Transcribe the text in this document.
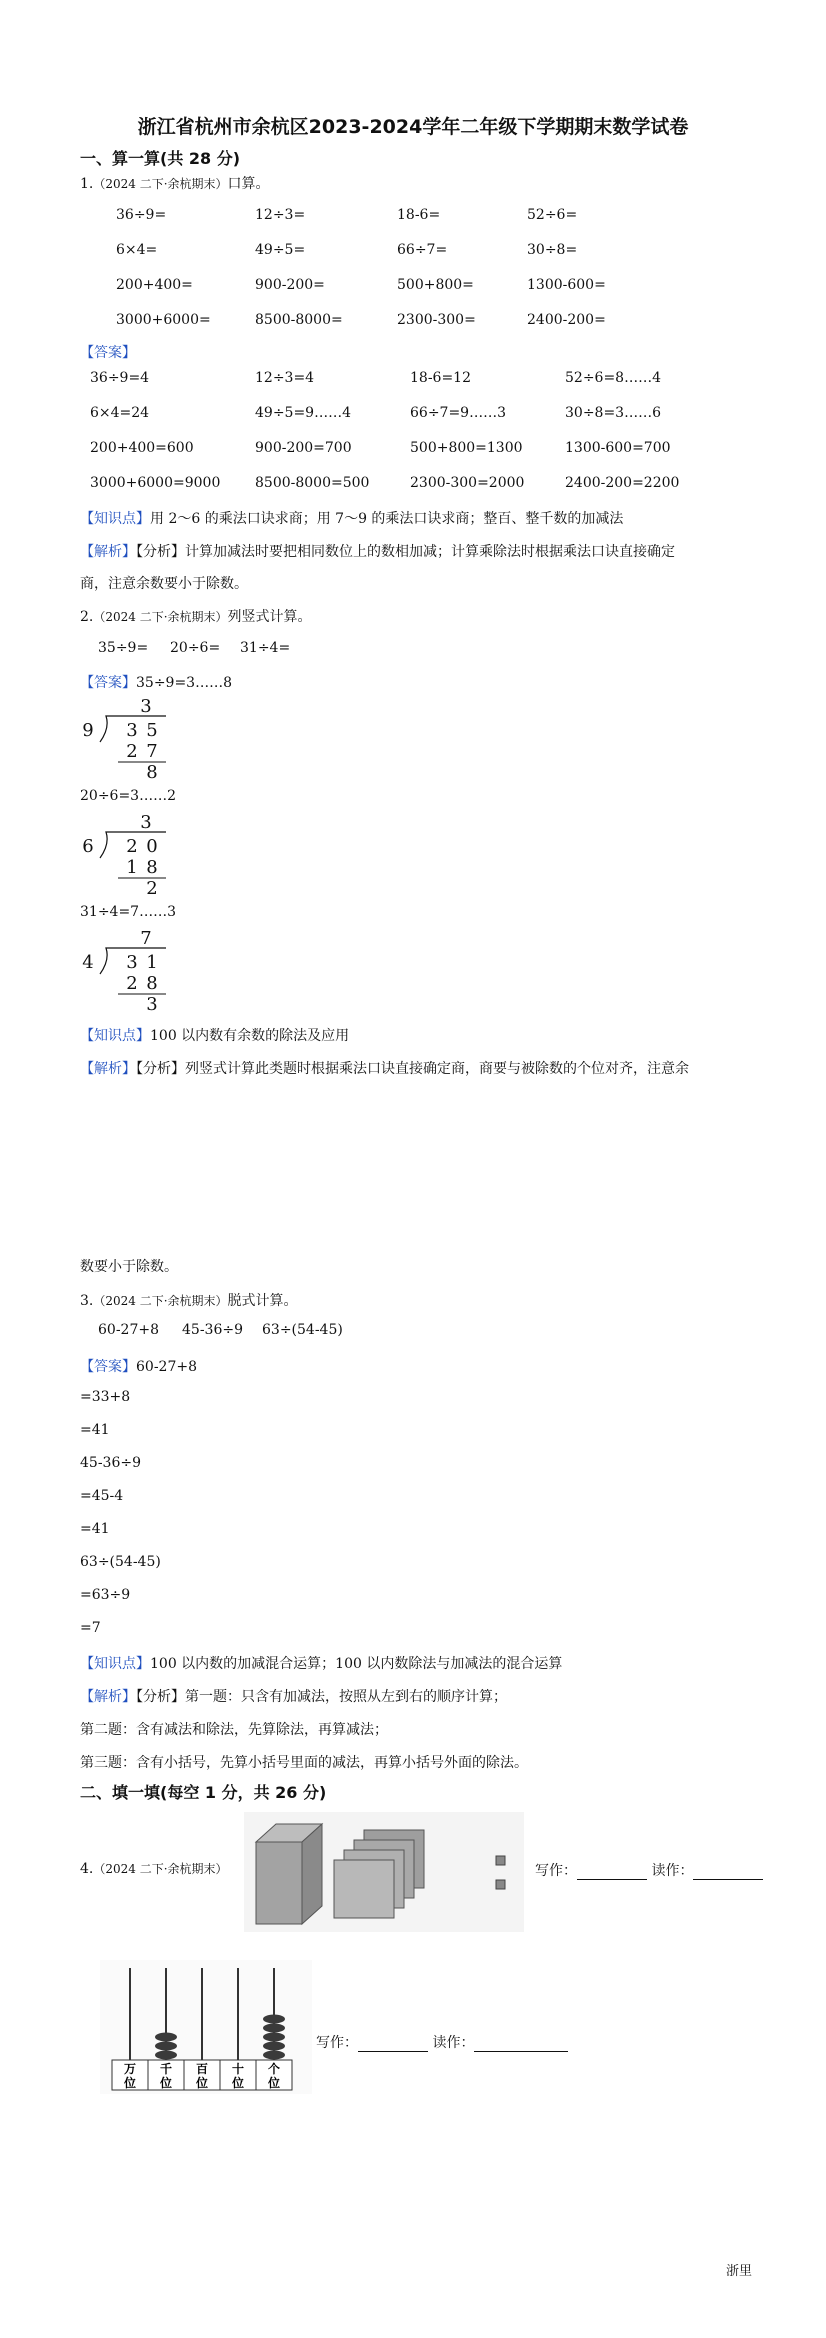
浙江省杭州市余杭区2023-2024学年二年级下学期期末数学试卷
一、算一算(共 28 分)
1.（2024 二下·余杭期末）口算。
36÷9=	12÷3=	18-6=	52÷6=
6×4=	49÷5=	66÷7=	30÷8=
200+400=	900-200=	500+800=	1300-600=
3000+6000=	8500-8000=	2300-300=	2400-200=
【答案】
36÷9=4	12÷3=4	18-6=12	52÷6=8……4
6×4=24	49÷5=9……4	66÷7=9……3	30÷8=3……6
200+400=600	900-200=700	500+800=1300	1300-600=700
3000+6000=9000 8500-8000=500	2300-300=2000	2400-200=2200
【知识点】用 2～6 的乘法口诀求商；用 7～9 的乘法口诀求商；整百、整千数的加减法
【解析】【分析】计算加减法时要把相同数位上的数相加减；计算乘除法时根据乘法口诀直接确定
商，注意余数要小于除数。
2.（2024 二下·余杭期末）列竖式计算。
35÷9= 20÷6= 31÷4=
【答案】35÷9=3……8
3
9 3 5
2 7
8
20÷6=3……2
3
6 2 0
1 8
2
31÷4=7……3
7
4 3 1
2 8
3
【知识点】100 以内数有余数的除法及应用
【解析】【分析】列竖式计算此类题时根据乘法口诀直接确定商，商要与被除数的个位对齐，注意余
数要小于除数。
3.（2024 二下·余杭期末）脱式计算。
60-27+8 45-36÷9 63÷(54-45)
【答案】60-27+8
=33+8
=41
45-36÷9
=45-4
=41
63÷(54-45)
=63÷9
=7
【知识点】100 以内数的加减混合运算；100 以内数除法与加减法的混合运算
【解析】【分析】第一题：只含有加减法，按照从左到右的顺序计算；
第二题：含有减法和除法，先算除法，再算减法；
第三题：含有小括号，先算小括号里面的减法，再算小括号外面的除法。
二、填一填(每空 1 分，共 26 分)
4.（2024 二下·余杭期末）	写作：	读作：
万
位
千
位
百
位
十
位
个
位
写作：	读作：
浙里
